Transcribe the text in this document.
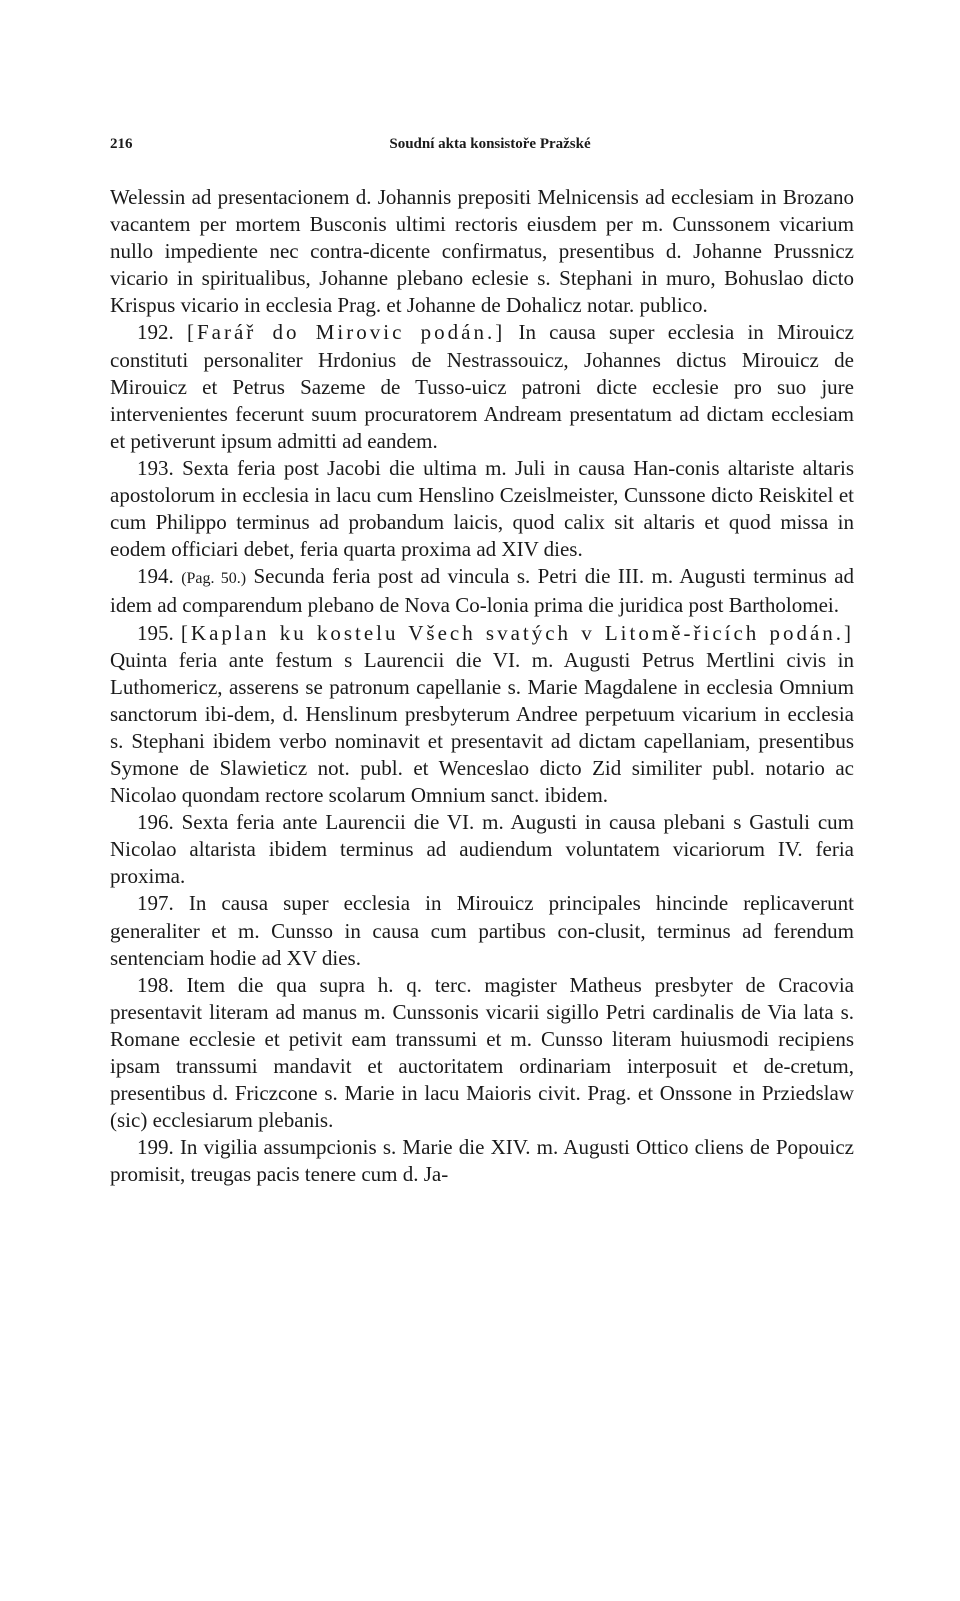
216	Soudní akta konsistoře Pražské

Welessin ad presentacionem d. Johannis prepositi Melnicensis ad ecclesiam in Brozano vacantem per mortem Busconis ultimi rectoris eiusdem per m. Cunssonem vicarium nullo impediente nec contra-dicente confirmatus, presentibus d. Johanne Prussnicz vicario in spiritualibus, Johanne plebano eclesie s. Stephani in muro, Bohuslao dicto Krispus vicario in ecclesia Prag. et Johanne de Dohalicz notar. publico.

192. [Farář do Mirovic podán.] In causa super ecclesia in Mirouicz constituti personaliter Hrdonius de Nestrassouicz, Johannes dictus Mirouicz de Mirouicz et Petrus Sazeme de Tusso-uicz patroni dicte ecclesie pro suo jure intervenientes fecerunt suum procuratorem Andream presentatum ad dictam ecclesiam et petiverunt ipsum admitti ad eandem.

193. Sexta feria post Jacobi die ultima m. Juli in causa Han-conis altariste altaris apostolorum in ecclesia in lacu cum Henslino Czeislmeister, Cunssone dicto Reiskitel et cum Philippo terminus ad probandum laicis, quod calix sit altaris et quod missa in eodem officiari debet, feria quarta proxima ad XIV dies.

194. (Pag. 50.) Secunda feria post ad vincula s. Petri die III. m. Augusti terminus ad idem ad comparendum plebano de Nova Co-lonia prima die juridica post Bartholomei.

195. [Kaplan ku kostelu Všech svatých v Litomě-řicích podán.] Quinta feria ante festum s Laurencii die VI. m. Augusti Petrus Mertlini civis in Luthomericz, asserens se patronum capellanie s. Marie Magdalene in ecclesia Omnium sanctorum ibi-dem, d. Henslinum presbyterum Andree perpetuum vicarium in ecclesia s. Stephani ibidem verbo nominavit et presentavit ad dictam capellaniam, presentibus Symone de Slawieticz not. publ. et Wenceslao dicto Zid similiter publ. notario ac Nicolao quondam rectore scolarum Omnium sanct. ibidem.

196. Sexta feria ante Laurencii die VI. m. Augusti in causa plebani s Gastuli cum Nicolao altarista ibidem terminus ad audiendum voluntatem vicariorum IV. feria proxima.

197. In causa super ecclesia in Mirouicz principales hincinde replicaverunt generaliter et m. Cunsso in causa cum partibus con-clusit, terminus ad ferendum sentenciam hodie ad XV dies.

198. Item die qua supra h. q. terc. magister Matheus presbyter de Cracovia presentavit literam ad manus m. Cunssonis vicarii sigillo Petri cardinalis de Via lata s. Romane ecclesie et petivit eam transsumi et m. Cunsso literam huiusmodi recipiens ipsam transsumi mandavit et auctoritatem ordinariam interposuit et de-cretum, presentibus d. Friczcone s. Marie in lacu Maioris civit. Prag. et Onssone in Prziedslaw (sic) ecclesiarum plebanis.

199. In vigilia assumpcionis s. Marie die XIV. m. Augusti Ottico cliens de Popouicz promisit, treugas pacis tenere cum d. Ja-
